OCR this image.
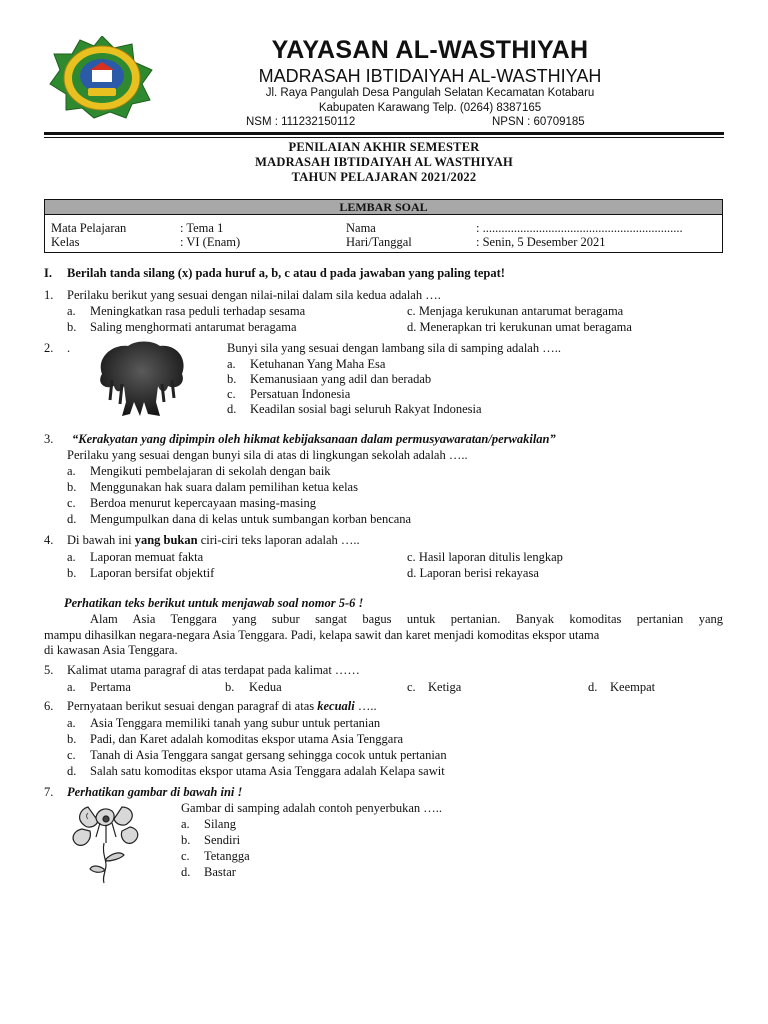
YAYASAN AL-WASTHIYAH
MADRASAH IBTIDAIYAH AL-WASTHIYAH
Jl. Raya Pangulah Desa Pangulah Selatan Kecamatan Kotabaru
Kabupaten Karawang Telp. (0264) 8387165
NSM : 111232150112	NPSN : 60709185
PENILAIAN AKHIR SEMESTER
MADRASAH IBTIDAIYAH AL WASTHIYAH
TAHUN PELAJARAN 2021/2022
LEMBAR SOAL
Mata Pelajaran	: Tema 1	Nama	: ................................................................
Kelas	: VI (Enam)	Hari/Tanggal	: Senin, 5 Desember 2021
I. Berilah tanda silang (x) pada huruf a, b, c atau d pada jawaban yang paling tepat!
1. Perilaku berikut yang sesuai dengan nilai-nilai dalam sila kedua adalah ….
a. Meningkatkan rasa peduli terhadap sesama
b. Saling menghormati antarumat beragama
c. Menjaga kerukunan antarumat beragama
d. Menerapkan tri kerukunan umat beragama
2. .	Bunyi sila yang sesuai dengan lambang sila di samping adalah …..
a. Ketuhanan Yang Maha Esa
b. Kemanusiaan yang adil dan beradab
c. Persatuan Indonesia
d. Keadilan sosial bagi seluruh Rakyat Indonesia
3. “Kerakyatan yang dipimpin oleh hikmat kebijaksanaan dalam permusyawaratan/perwakilan”
Perilaku yang sesuai dengan bunyi sila di atas di lingkungan sekolah adalah …..
a. Mengikuti pembelajaran di sekolah dengan baik
b. Menggunakan hak suara dalam pemilihan ketua kelas
c. Berdoa menurut kepercayaan masing-masing
d. Mengumpulkan dana di kelas untuk sumbangan korban bencana
4. Di bawah ini yang bukan ciri-ciri teks laporan adalah …..
a. Laporan memuat fakta
b. Laporan bersifat objektif
c. Hasil laporan ditulis lengkap
d. Laporan berisi rekayasa
Perhatikan teks berikut untuk menjawab soal nomor 5-6 !
Alam Asia Tenggara yang subur sangat bagus untuk pertanian. Banyak komoditas pertanian yang
mampu dihasilkan negara-negara Asia Tenggara. Padi, kelapa sawit dan karet menjadi komoditas ekspor utama
di kawasan Asia Tenggara.
5. Kalimat utama paragraf di atas terdapat pada kalimat ……
a. Pertama	b. Kedua	c. Ketiga	d. Keempat
6. Pernyataan berikut sesuai dengan paragraf di atas kecuali …..
a. Asia Tenggara memiliki tanah yang subur untuk pertanian
b. Padi, dan Karet adalah komoditas ekspor utama Asia Tenggara
c. Tanah di Asia Tenggara sangat gersang sehingga cocok untuk pertanian
d. Salah satu komoditas ekspor utama Asia Tenggara adalah Kelapa sawit
7. Perhatikan gambar di bawah ini !
Gambar di samping adalah contoh penyerbukan …..
a. Silang
b. Sendiri
c. Tetangga
d. Bastar
